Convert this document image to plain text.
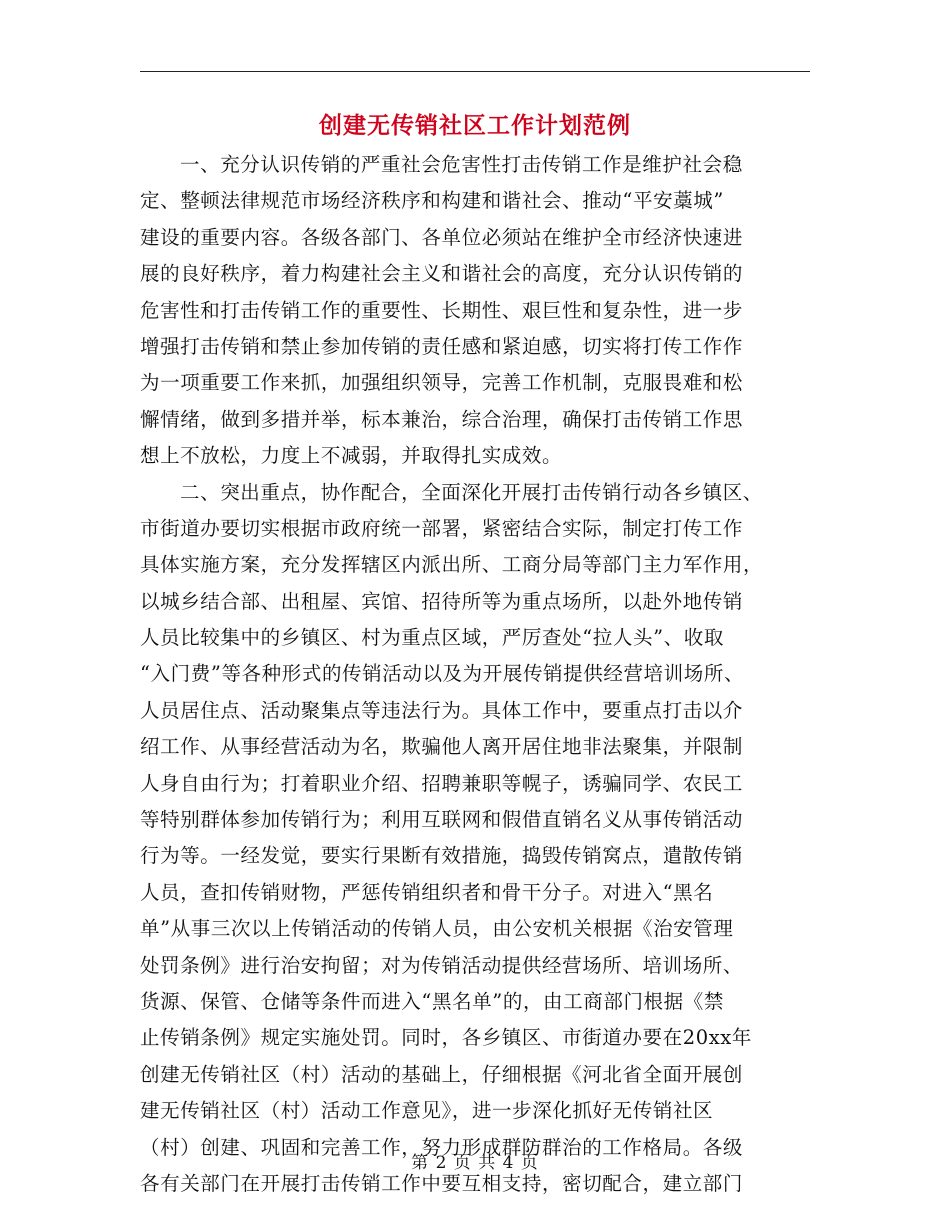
创建无传销社区工作计划范例
一、充分认识传销的严重社会危害性打击传销工作是维护社会稳
定、整顿法律规范市场经济秩序和构建和谐社会、推动“平安藁城”
建设的重要内容。各级各部门、各单位必须站在维护全市经济快速进
展的良好秩序，着力构建社会主义和谐社会的高度，充分认识传销的
危害性和打击传销工作的重要性、长期性、艰巨性和复杂性，进一步
增强打击传销和禁止参加传销的责任感和紧迫感，切实将打传工作作
为一项重要工作来抓，加强组织领导，完善工作机制，克服畏难和松
懈情绪，做到多措并举，标本兼治，综合治理，确保打击传销工作思
想上不放松，力度上不减弱，并取得扎实成效。
二、突出重点，协作配合，全面深化开展打击传销行动各乡镇区、
市街道办要切实根据市政府统一部署，紧密结合实际，制定打传工作
具体实施方案，充分发挥辖区内派出所、工商分局等部门主力军作用，
以城乡结合部、出租屋、宾馆、招待所等为重点场所，以赴外地传销
人员比较集中的乡镇区、村为重点区域，严厉查处“拉人头”、收取
“入门费”等各种形式的传销活动以及为开展传销提供经营培训场所、
人员居住点、活动聚集点等违法行为。具体工作中，要重点打击以介
绍工作、从事经营活动为名，欺骗他人离开居住地非法聚集，并限制
人身自由行为；打着职业介绍、招聘兼职等幌子，诱骗同学、农民工
等特别群体参加传销行为；利用互联网和假借直销名义从事传销活动
行为等。一经发觉，要实行果断有效措施，捣毁传销窝点，遣散传销
人员，查扣传销财物，严惩传销组织者和骨干分子。对进入“黑名
单”从事三次以上传销活动的传销人员，由公安机关根据《治安管理
处罚条例》进行治安拘留；对为传销活动提供经营场所、培训场所、
货源、保管、仓储等条件而进入“黑名单”的，由工商部门根据《禁
止传销条例》规定实施处罚。同时，各乡镇区、市街道办要在20xx年
创建无传销社区（村）活动的基础上，仔细根据《河北省全面开展创
建无传销社区（村）活动工作意见》，进一步深化抓好无传销社区
（村）创建、巩固和完善工作，努力形成群防群治的工作格局。各级
各有关部门在开展打击传销工作中要互相支持，密切配合，建立部门
第 2 页 共 4 页
